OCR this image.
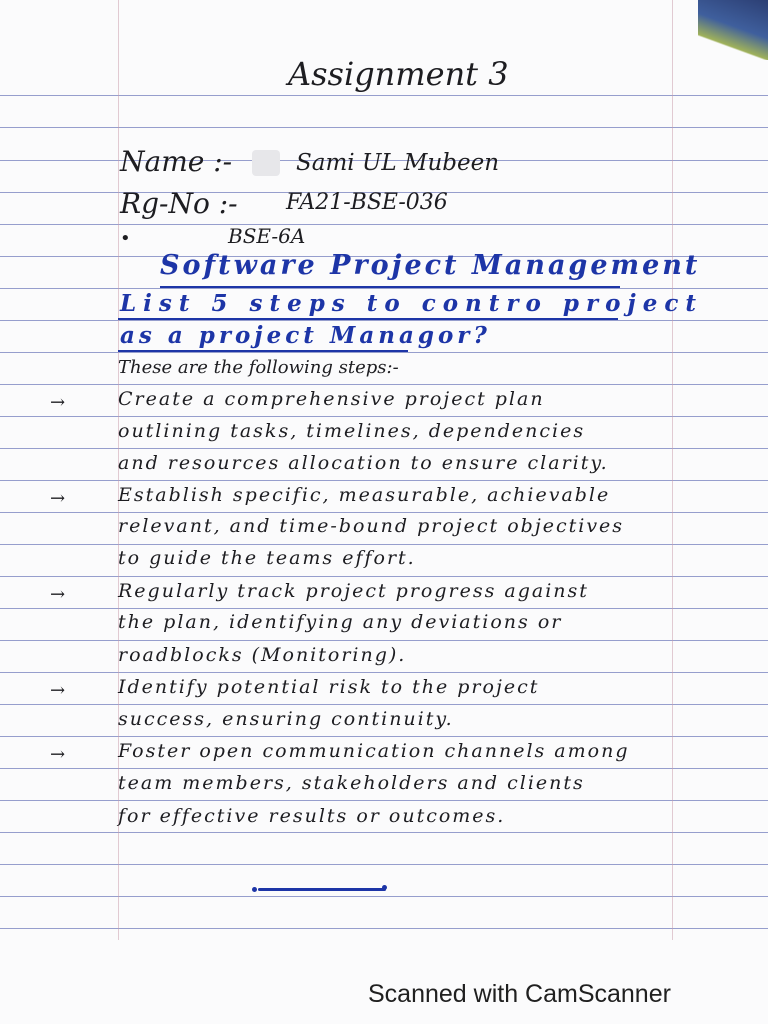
Assignment 3
Name :-	Sami UL Mubeen
Rg-No :- FA21-BSE-036
•	BSE-6A
Software Project Management
List 5 steps to contro project
as a project Managor?
These are the following steps:-
Create a comprehensive project plan
outlining tasks, timelines, dependencies
and resources allocation to ensure clarity.
Establish specific, measurable, achievable
relevant, and time-bound project objectives
to guide the teams effort.
Regularly track project progress against
the plan, identifying any deviations or
roadblocks (Monitoring).
Identify potential risk to the project
success, ensuring continuity.
Foster open communication channels among
team members, stakeholders and clients
for effective results or outcomes.
→
→
→
→
→
Scanned with CamScanner
